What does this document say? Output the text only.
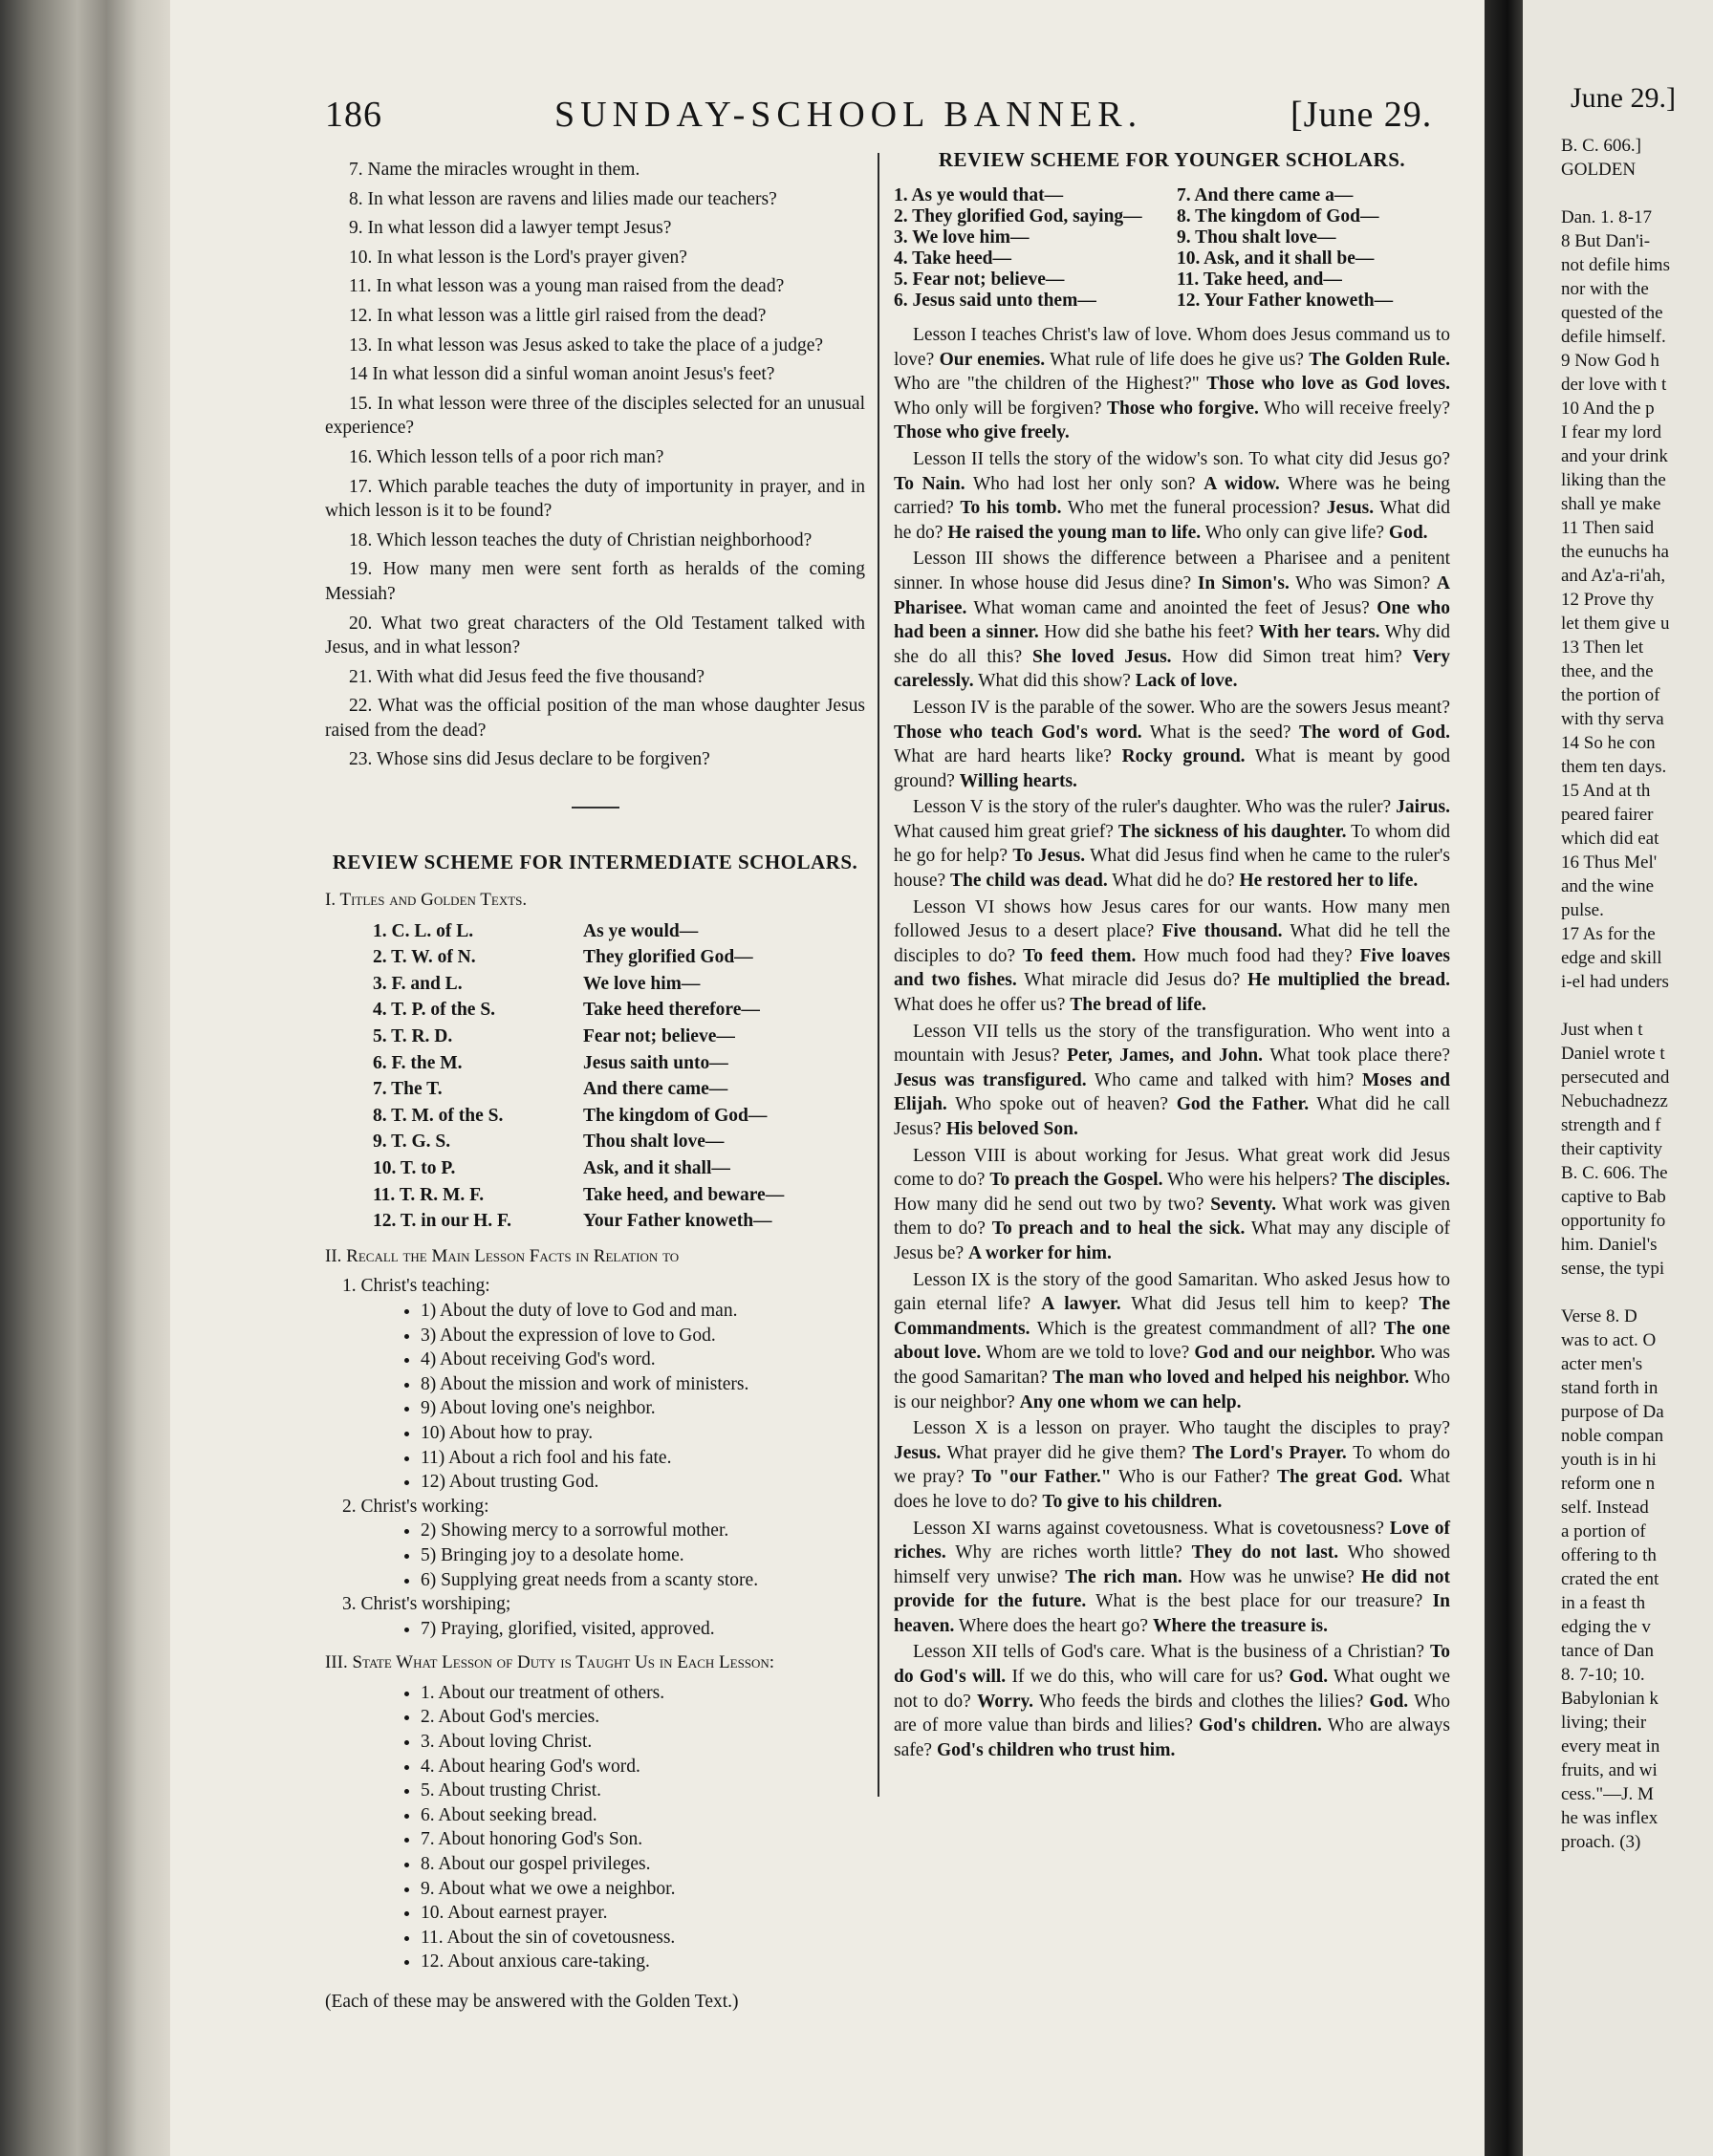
186	SUNDAY-SCHOOL BANNER.	[June 29.

7. Name the miracles wrought in them.

8. In what lesson are ravens and lilies made our teachers?

9. In what lesson did a lawyer tempt Jesus?

10. In what lesson is the Lord's prayer given?

11. In what lesson was a young man raised from the dead?

12. In what lesson was a little girl raised from the dead?

13. In what lesson was Jesus asked to take the place of a judge?

14 In what lesson did a sinful woman anoint Jesus's feet?

15. In what lesson were three of the disciples selected for an unusual experience?

16. Which lesson tells of a poor rich man?

17. Which parable teaches the duty of importunity in prayer, and in which lesson is it to be found?

18. Which lesson teaches the duty of Christian neighborhood?

19. How many men were sent forth as heralds of the coming Messiah?

20. What two great characters of the Old Testament talked with Jesus, and in what lesson?

21. With what did Jesus feed the five thousand?

22. What was the official position of the man whose daughter Jesus raised from the dead?

23. Whose sins did Jesus declare to be forgiven?

REVIEW SCHEME FOR INTERMEDIATE SCHOLARS.
I. Titles and Golden Texts.
1. C. L. of L.	As ye would—
2. T. W. of N.	They glorified God—
3. F. and L.	We love him—
4. T. P. of the S.	Take heed therefore—
5. T. R. D.	Fear not; believe—
6. F. the M.	Jesus saith unto—
7. The T.	And there came—
8. T. M. of the S.	The kingdom of God—
9. T. G. S.	Thou shalt love—
10. T. to P.	Ask, and it shall—
11. T. R. M. F.	Take heed, and beware—
12. T. in our H. F.	Your Father knoweth—
II. Recall the Main Lesson Facts in Relation to
1. Christ's teaching:
• 1) About the duty of love to God and man.
• 3) About the expression of love to God.
• 4) About receiving God's word.
• 8) About the mission and work of ministers.
• 9) About loving one's neighbor.
• 10) About how to pray.
• 11) About a rich fool and his fate.
• 12) About trusting God.
2. Christ's working:
• 2) Showing mercy to a sorrowful mother.
• 5) Bringing joy to a desolate home.
• 6) Supplying great needs from a scanty store.
3. Christ's worshiping;
• 7) Praying, glorified, visited, approved.
III. State What Lesson of Duty is Taught Us in Each Lesson:
• 1. About our treatment of others.
• 2. About God's mercies.
• 3. About loving Christ.
• 4. About hearing God's word.
• 5. About trusting Christ.
• 6. About seeking bread.
• 7. About honoring God's Son.
• 8. About our gospel privileges.
• 9. About what we owe a neighbor.
• 10. About earnest prayer.
• 11. About the sin of covetousness.
• 12. About anxious care-taking.
(Each of these may be answered with the Golden Text.)
REVIEW SCHEME FOR YOUNGER SCHOLARS.
1. As ye would that—	7. And there came a—
2. They glorified God, saying—	8. The kingdom of God—
3. We love him—	9. Thou shalt love—
4. Take heed—	10. Ask, and it shall be—
5. Fear not; believe—	11. Take heed, and—
6. Jesus said unto them—	12. Your Father knoweth—

Lesson I teaches Christ's law of love. Whom does Jesus command us to love? Our enemies. What rule of life does he give us? The Golden Rule. Who are "the children of the Highest?" Those who love as God loves. Who only will be forgiven? Those who forgive. Who will receive freely? Those who give freely.

Lesson II tells the story of the widow's son. To what city did Jesus go? To Nain. Who had lost her only son? A widow. Where was he being carried? To his tomb. Who met the funeral procession? Jesus. What did he do? He raised the young man to life. Who only can give life? God.

Lesson III shows the difference between a Pharisee and a penitent sinner. In whose house did Jesus dine? In Simon's. Who was Simon? A Pharisee. What woman came and anointed the feet of Jesus? One who had been a sinner. How did she bathe his feet? With her tears. Why did she do all this? She loved Jesus. How did Simon treat him? Very carelessly. What did this show? Lack of love.

Lesson IV is the parable of the sower. Who are the sowers Jesus meant? Those who teach God's word. What is the seed? The word of God. What are hard hearts like? Rocky ground. What is meant by good ground? Willing hearts.

Lesson V is the story of the ruler's daughter. Who was the ruler? Jairus. What caused him great grief? The sickness of his daughter. To whom did he go for help? To Jesus. What did Jesus find when he came to the ruler's house? The child was dead. What did he do? He restored her to life.

Lesson VI shows how Jesus cares for our wants. How many men followed Jesus to a desert place? Five thousand. What did he tell the disciples to do? To feed them. How much food had they? Five loaves and two fishes. What miracle did Jesus do? He multiplied the bread. What does he offer us? The bread of life.

Lesson VII tells us the story of the transfiguration. Who went into a mountain with Jesus? Peter, James, and John. What took place there? Jesus was transfigured. Who came and talked with him? Moses and Elijah. Who spoke out of heaven? God the Father. What did he call Jesus? His beloved Son.

Lesson VIII is about working for Jesus. What great work did Jesus come to do? To preach the Gospel. Who were his helpers? The disciples. How many did he send out two by two? Seventy. What work was given them to do? To preach and to heal the sick. What may any disciple of Jesus be? A worker for him.

Lesson IX is the story of the good Samaritan. Who asked Jesus how to gain eternal life? A lawyer. What did Jesus tell him to keep? The Commandments. Which is the greatest commandment of all? The one about love. Whom are we told to love? God and our neighbor. Who was the good Samaritan? The man who loved and helped his neighbor. Who is our neighbor? Any one whom we can help.

Lesson X is a lesson on prayer. Who taught the disciples to pray? Jesus. What prayer did he give them? The Lord's Prayer. To whom do we pray? To "our Father." Who is our Father? The great God. What does he love to do? To give to his children.

Lesson XI warns against covetousness. What is covetousness? Love of riches. Why are riches worth little? They do not last. Who showed himself very unwise? The rich man. How was he unwise? He did not provide for the future. What is the best place for our treasure? In heaven. Where does the heart go? Where the treasure is.

Lesson XII tells of God's care. What is the business of a Christian? To do God's will. If we do this, who will care for us? God. What ought we not to do? Worry. Who feeds the birds and clothes the lilies? God. Who are of more value than birds and lilies? God's children. Who are always safe? God's children who trust him.

June 29.]
B. C. 606.]
GOLDEN

Dan. 1. 8-17
8 But Dan'i-
not defile hims
nor with the
quested of the
defile himself.
9 Now God h
der love with t
10 And the p
I fear my lord
and your drink
liking than the
shall ye make
11 Then said
the eunuchs ha
and Az'a-ri'ah,
12 Prove thy
let them give u
13 Then let
thee, and the
the portion of
with thy serva
14 So he con
them ten days.
15 And at th
peared fairer
which did eat
16 Thus Mel'
and the wine
pulse.
17 As for the
edge and skill
i-el had unders

Just when t
Daniel wrote t
persecuted and
Nebuchadnezz
strength and f
their captivity
B. C. 606. The
captive to Bab
opportunity fo
him. Daniel's
sense, the typi

Verse 8. D
was to act. O
acter men's
stand forth in
purpose of Da
noble compan
youth is in hi
reform one n
self. Instead
a portion of
offering to th
crated the ent
in a feast th
edging the v
tance of Dan
8. 7-10; 10.
Babylonian k
living; their
every meat in
fruits, and wi
cess."—J. M
he was inflex
proach. (3)
